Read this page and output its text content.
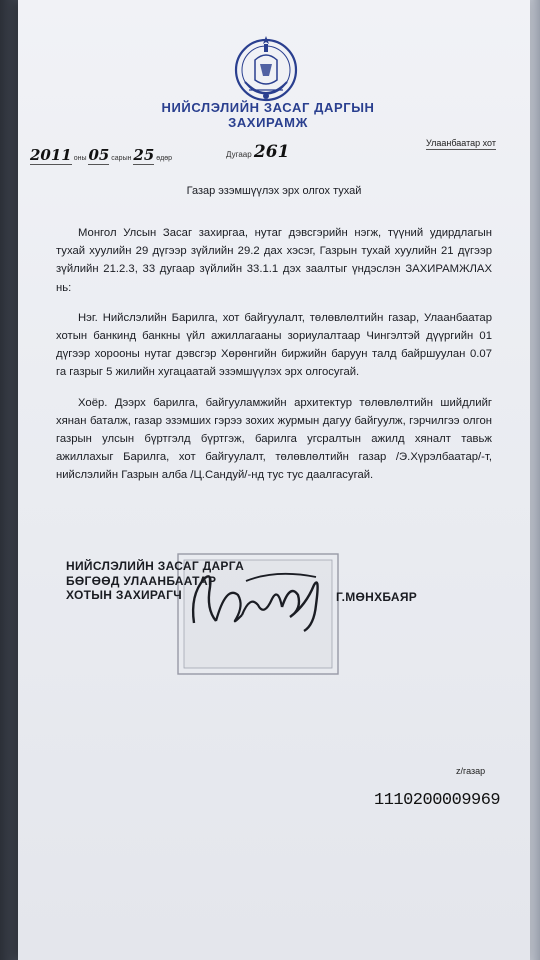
НИЙСЛЭЛИЙН ЗАСАГ ДАРГЫН
ЗАХИРАМЖ
2011 оны 05 сарын 25 өдөр	Дугаар 261	Улаанбаатар хот
Газар эзэмшүүлэх эрх олгох тухай

Монгол Улсын Засаг захиргаа, нутаг дэвсгэрийн нэгж, түүний удирдлагын тухай хуулийн 29 дүгээр зүйлийн 29.2 дах хэсэг, Газрын тухай хуулийн 21 дүгээр зүйлийн 21.2.3, 33 дугаар зүйлийн 33.1.1 дэх заалтыг үндэслэн ЗАХИРАМЖЛАХ нь:

Нэг. Нийслэлийн Барилга, хот байгуулалт, төлөвлөлтийн газар, Улаанбаатар хотын банкинд банкны үйл ажиллагааны зориулалтаар Чингэлтэй дүүргийн 01 дүгээр хорооны нутаг дэвсгэр Хөрөнгийн биржийн баруун талд байршуулан 0.07 га газрыг 5 жилийн хугацаатай эзэмшүүлэх эрх олгосугай.

Хоёр. Дээрх барилга, байгууламжийн архитектур төлөвлөлтийн шийдлийг хянан баталж, газар эзэмших гэрээ зохих журмын дагуу байгуулж, гэрчилгээ олгон газрын улсын бүртгэлд бүртгэж, барилга угсралтын ажилд хяналт тавьж ажиллахыг Барилга, хот байгуулалт, төлөвлөлтийн газар /Э.Хүрэлбаатар/-т, нийслэлийн Газрын алба /Ц.Сандуй/-нд тус тус даалгасугай.

НИЙСЛЭЛИЙН ЗАСАГ ДАРГА
БӨГӨӨД УЛААНБААТАР
ХОТЫН ЗАХИРАГЧ	Г.МӨНХБАЯР
z/газар
1110200009969
